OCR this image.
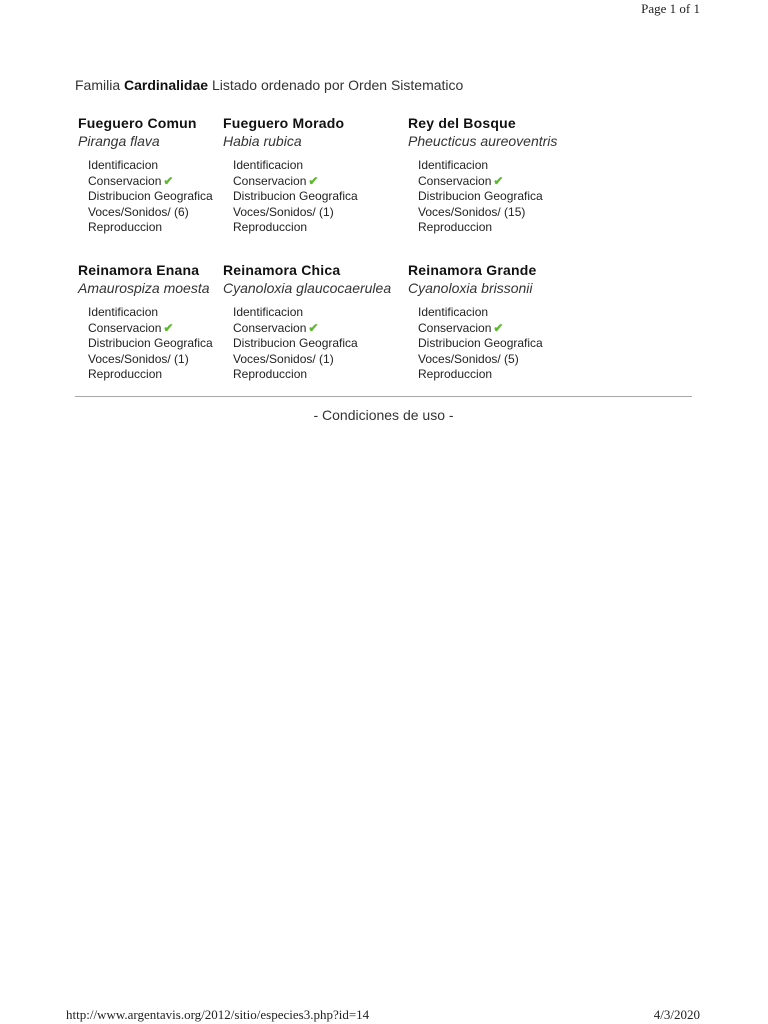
Page 1 of 1
Familia Cardinalidae Listado ordenado por Orden Sistematico
Fueguero Comun
Piranga flava
Identificacion
Conservacion ✔
Distribucion Geografica
Voces/Sonidos/ (6)
Reproduccion
Fueguero Morado
Habia rubica
Identificacion
Conservacion ✔
Distribucion Geografica
Voces/Sonidos/ (1)
Reproduccion
Rey del Bosque
Pheucticus aureoventris
Identificacion
Conservacion ✔
Distribucion Geografica
Voces/Sonidos/ (15)
Reproduccion
Reinamora Enana
Amaurospiza moesta
Identificacion
Conservacion ✔
Distribucion Geografica
Voces/Sonidos/ (1)
Reproduccion
Reinamora Chica
Cyanoloxia glaucocaerulea
Identificacion
Conservacion ✔
Distribucion Geografica
Voces/Sonidos/ (1)
Reproduccion
Reinamora Grande
Cyanoloxia brissonii
Identificacion
Conservacion ✔
Distribucion Geografica
Voces/Sonidos/ (5)
Reproduccion
- Condiciones de uso -
http://www.argentavis.org/2012/sitio/especies3.php?id=14	4/3/2020
